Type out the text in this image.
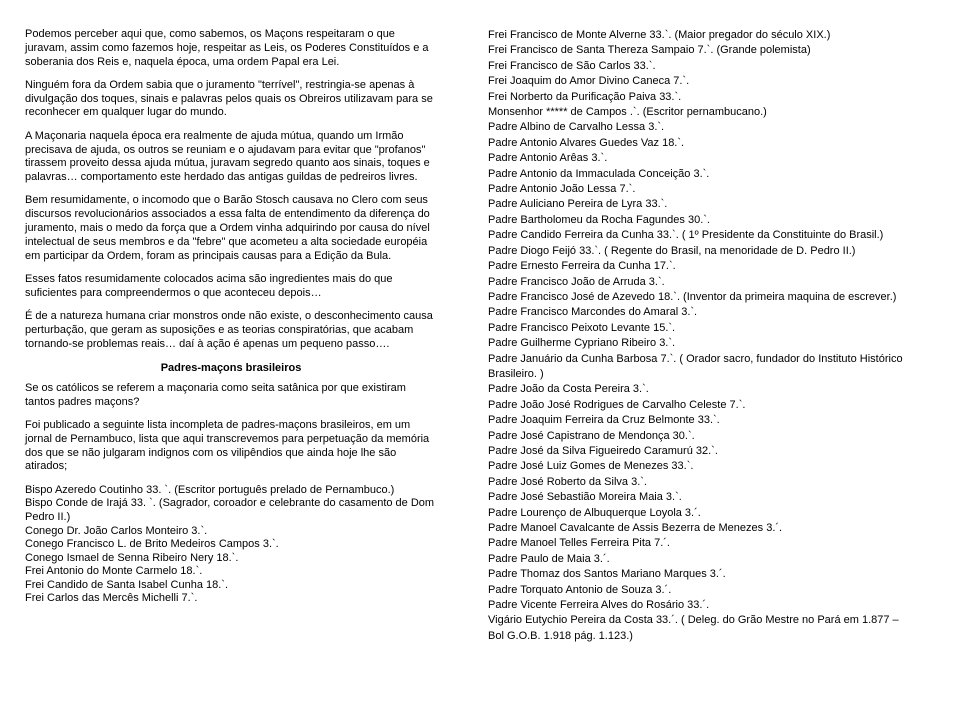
Podemos perceber aqui que, como sabemos, os Maçons respeitaram o que juravam, assim como fazemos hoje, respeitar as Leis, os Poderes Constituídos e a soberania dos Reis e, naquela época, uma ordem Papal era Lei.

Ninguém fora da Ordem sabia que o juramento "terrível", restringia-se apenas à divulgação dos toques, sinais e palavras pelos quais os Obreiros utilizavam para se reconhecer em qualquer lugar do mundo.

A Maçonaria naquela época era realmente de ajuda mútua, quando um Irmão precisava de ajuda, os outros se reuniam e o ajudavam para evitar que "profanos" tirassem proveito dessa ajuda mútua, juravam segredo quanto aos sinais, toques e palavras… comportamento este herdado das antigas guildas de pedreiros livres.

Bem resumidamente, o incomodo que o Barão Stosch causava no Clero com seus discursos revolucionários associados a essa falta de entendimento da diferença do juramento, mais o medo da força que a Ordem vinha adquirindo por causa do nível intelectual de seus membros e da "febre" que acometeu a alta sociedade européia em participar da Ordem, foram as principais causas para a Edição da Bula.

Esses fatos resumidamente colocados acima são ingredientes mais do que suficientes para compreendermos o que aconteceu depois…

É de a natureza humana criar monstros onde não existe, o desconhecimento causa perturbação, que geram as suposições e as teorias conspiratórias, que acabam tornando-se problemas reais… daí à ação é apenas um pequeno passo….

Padres-maçons brasileiros

Se os católicos se referem a maçonaria como seita satânica por que existiram tantos padres maçons?

Foi publicado a seguinte lista incompleta de padres-maçons brasileiros, em um jornal de Pernambuco, lista que aqui transcrevemos para perpetuação da memória dos que se não julgaram indignos com os vilipêndios que ainda hoje lhe são atirados;

Bispo Azeredo Coutinho 33. `. (Escritor português prelado de Pernambuco.)
Bispo Conde de Irajá 33. `. (Sagrador, coroador e celebrante do casamento de Dom Pedro II.)
Conego Dr. João Carlos Monteiro 3.`.
Conego Francisco L. de Brito Medeiros Campos 3.`.
Conego Ismael de Senna Ribeiro Nery 18.`.
Frei Antonio do Monte Carmelo 18.`.
Frei Candido de Santa Isabel Cunha 18.`.
Frei Carlos das Mercês Michelli 7.`.
Frei Francisco de Monte Alverne 33.`. (Maior pregador do século XIX.)
Frei Francisco de Santa Thereza Sampaio 7.`. (Grande polemista)
Frei Francisco de São Carlos 33.`.
Frei Joaquim do Amor Divino Caneca 7.`.
Frei Norberto da Purificação Paiva 33.`.
Monsenhor ***** de Campos .`. (Escritor pernambucano.)
Padre Albino de Carvalho Lessa 3.`.
Padre Antonio Alvares Guedes Vaz 18.`.
Padre Antonio Arêas 3.`.
Padre Antonio da Immaculada Conceição 3.`.
Padre Antonio João Lessa 7.`.
Padre Auliciano Pereira de Lyra 33.`.
Padre Bartholomeu da Rocha Fagundes 30.`.
Padre Candido Ferreira da Cunha 33.`. ( 1º Presidente da Constituinte do Brasil.)
Padre Diogo Feijó 33.`. ( Regente do Brasil, na menoridade de D. Pedro II.)
Padre Ernesto Ferreira da Cunha 17.`.
Padre Francisco João de Arruda 3.`.
Padre Francisco José de Azevedo 18.`. (Inventor da primeira maquina de escrever.)
Padre Francisco Marcondes do Amaral 3.`.
Padre Francisco Peixoto Levante 15.`.
Padre Guilherme Cypriano Ribeiro 3.`.
Padre Januário da Cunha Barbosa 7.`. ( Orador sacro, fundador do Instituto Histórico Brasileiro. )
Padre João da Costa Pereira 3.`.
Padre João José Rodrigues de Carvalho Celeste 7.`.
Padre Joaquim Ferreira da Cruz Belmonte 33.`.
Padre José Capistrano de Mendonça 30.`.
Padre José da Silva Figueiredo Caramurú 32.`.
Padre José Luiz Gomes de Menezes 33.`.
Padre José Roberto da Silva 3.`.
Padre José Sebastião Moreira Maia 3.`.
Padre Lourenço de Albuquerque Loyola 3.´.
Padre Manoel Cavalcante de Assis Bezerra de Menezes 3.´.
Padre Manoel Telles Ferreira Pita 7.´.
Padre Paulo de Maia 3.´.
Padre Thomaz dos Santos Mariano Marques 3.´.
Padre Torquato Antonio de Souza 3.´.
Padre Vicente Ferreira Alves do Rosário 33.´.
Vigário Eutychio Pereira da Costa 33.´. ( Deleg. do Grão Mestre no Pará em 1.877 – Bol G.O.B. 1.918 pág. 1.123.)
